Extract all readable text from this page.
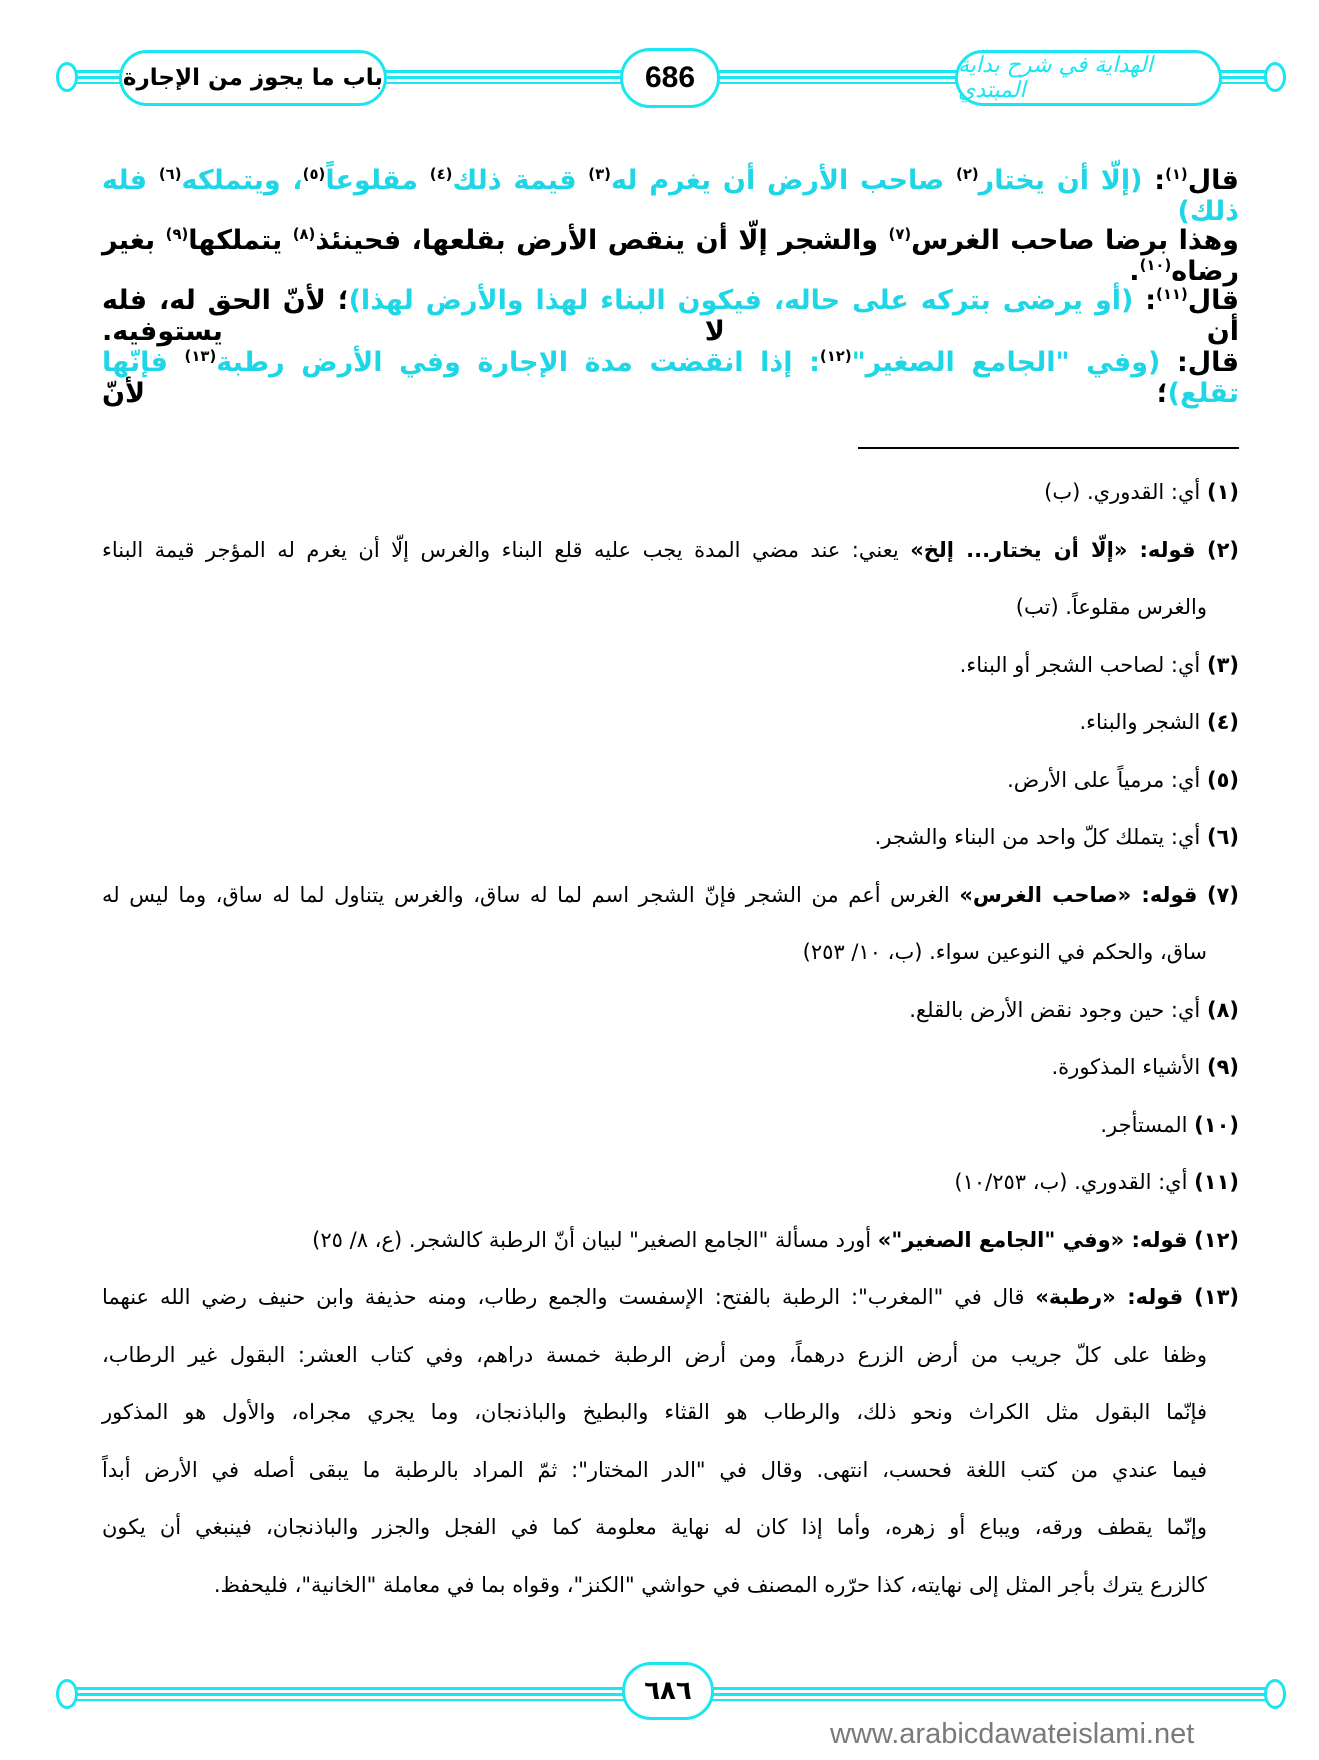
باب ما يجوز من الإجارة	686	الهداية في شرح بداية المبتدي
قال$^{(١)}$: (إلّا أن يختار$^{(٢)}$ صاحب الأرض أن يغرم له$^{(٣)}$ قيمة ذلك$^{(٤)}$ مقلوعاً$^{(٥)}$، ويتملكه$^{(٦)}$ فله ذلك)
وهذا برضا صاحب الغرس$^{(٧)}$ والشجر إلّا أن ينقص الأرض بقلعها، فحينئذ$^{(٨)}$ يتملكها$^{(٩)}$ بغير رضاه$^{(١٠)}$.
قال$^{(١١)}$: (أو يرضى بتركه على حاله، فيكون البناء لهذا والأرض لهذا)؛ لأنّ الحق له، فله أن لا يستوفيه.
قال: (وفي "الجامع الصغير"$^{(١٢)}$: إذا انقضت مدة الإجارة وفي الأرض رطبة$^{(١٣)}$ فإنّها تقلع)؛ لأنّ
(١) أي: القدوري. (ب)
(٢) قوله: «إلّا أن يختار... إلخ» يعني: عند مضي المدة يجب عليه قلع البناء والغرس إلّا أن يغرم له المؤجر قيمة البناء
والغرس مقلوعاً. (تب)
(٣) أي: لصاحب الشجر أو البناء.
(٤) الشجر والبناء.
(٥) أي: مرمياً على الأرض.
(٦) أي: يتملك كلّ واحد من البناء والشجر.
(٧) قوله: «صاحب الغرس» الغرس أعم من الشجر فإنّ الشجر اسم لما له ساق، والغرس يتناول لما له ساق، وما ليس له
ساق، والحكم في النوعين سواء. (ب، ١٠/ ٢٥٣)
(٨) أي: حين وجود نقض الأرض بالقلع.
(٩) الأشياء المذكورة.
(١٠) المستأجر.
(١١) أي: القدوري. (ب، ١٠/٢٥٣)
(١٢) قوله: «وفي "الجامع الصغير"» أورد مسألة "الجامع الصغير" لبيان أنّ الرطبة كالشجر. (ع، ٨/ ٢٥)
(١٣) قوله: «رطبة» قال في "المغرب": الرطبة بالفتح: الإسفست والجمع رطاب، ومنه حذيفة وابن حنيف رضي الله عنهما
وظفا على كلّ جريب من أرض الزرع درهماً، ومن أرض الرطبة خمسة دراهم، وفي كتاب العشر: البقول غير الرطاب،
فإنّما البقول مثل الكراث ونحو ذلك، والرطاب هو القثاء والبطيخ والباذنجان، وما يجري مجراه، والأول هو المذكور
فيما عندي من كتب اللغة فحسب، انتهى. وقال في "الدر المختار": ثمّ المراد بالرطبة ما يبقى أصله في الأرض أبداً
وإنّما يقطف ورقه، ويباع أو زهره، وأما إذا كان له نهاية معلومة كما في الفجل والجزر والباذنجان، فينبغي أن يكون
كالزرع يترك بأجر المثل إلى نهايته، كذا حرّره المصنف في حواشي "الكنز"، وقواه بما في معاملة "الخانية"، فليحفظ.
٦٨٦
www.arabicdawateislami.net
